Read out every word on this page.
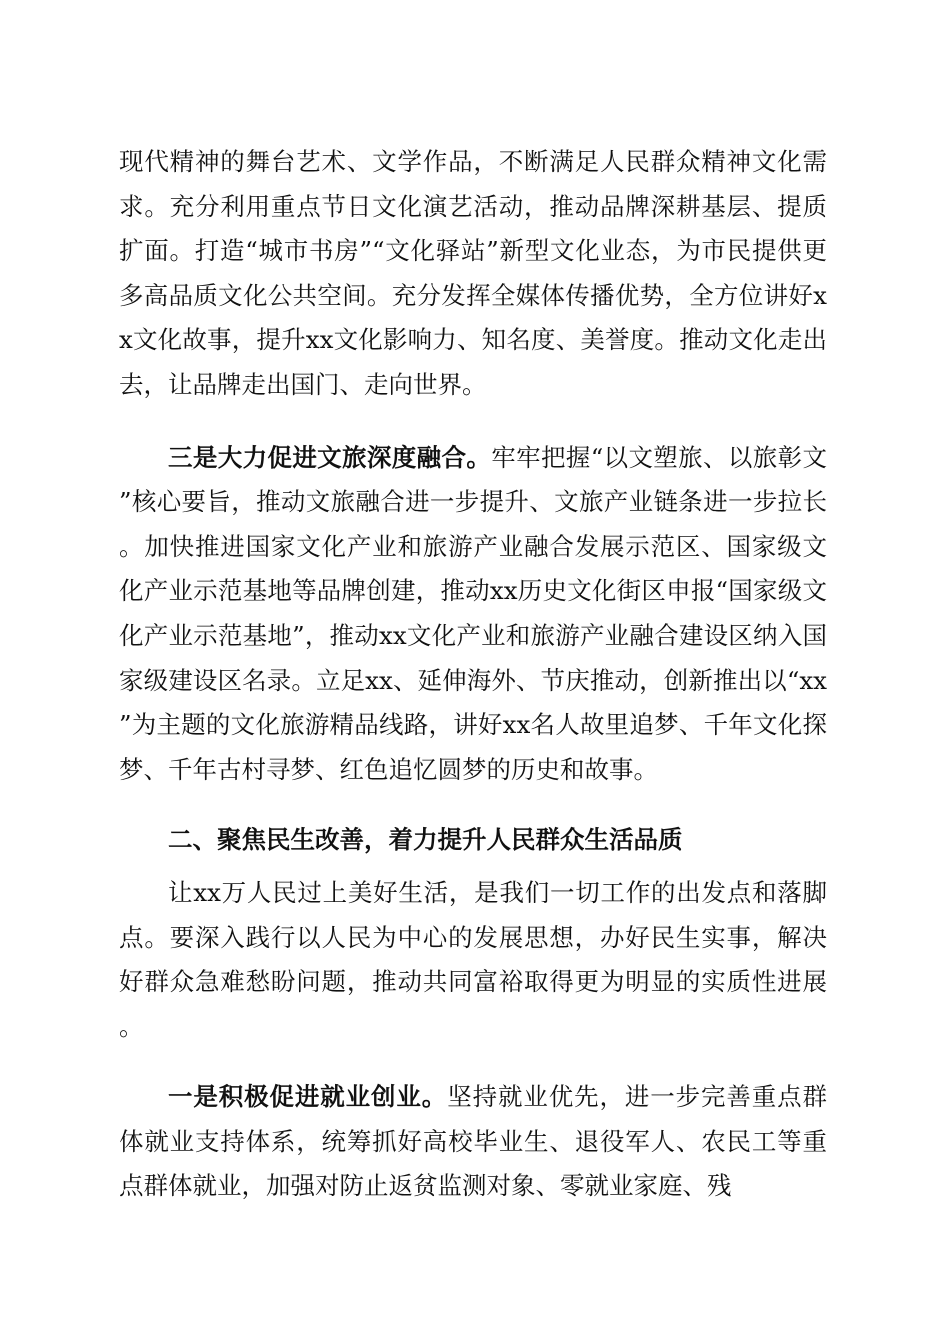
现代精神的舞台艺术、文学作品，不断满足人民群众精神文化需求。充分利用重点节日文化演艺活动，推动品牌深耕基层、提质扩面。打造“城市书房”“文化驿站”新型文化业态，为市民提供更多高品质文化公共空间。充分发挥全媒体传播优势，全方位讲好xx文化故事，提升xx文化影响力、知名度、美誉度。推动文化走出去，让品牌走出国门、走向世界。

三是大力促进文旅深度融合。牢牢把握“以文塑旅、以旅彰文”核心要旨，推动文旅融合进一步提升、文旅产业链条进一步拉长。加快推进国家文化产业和旅游产业融合发展示范区、国家级文化产业示范基地等品牌创建，推动xx历史文化街区申报“国家级文化产业示范基地”，推动xx文化产业和旅游产业融合建设区纳入国家级建设区名录。立足xx、延伸海外、节庆推动，创新推出以“xx”为主题的文化旅游精品线路，讲好xx名人故里追梦、千年文化探梦、千年古村寻梦、红色追忆圆梦的历史和故事。

二、聚焦民生改善，着力提升人民群众生活品质

让xx万人民过上美好生活，是我们一切工作的出发点和落脚点。要深入践行以人民为中心的发展思想，办好民生实事，解决好群众急难愁盼问题，推动共同富裕取得更为明显的实质性进展。

一是积极促进就业创业。坚持就业优先，进一步完善重点群体就业支持体系，统筹抓好高校毕业生、退役军人、农民工等重点群体就业，加强对防止返贫监测对象、零就业家庭、残
